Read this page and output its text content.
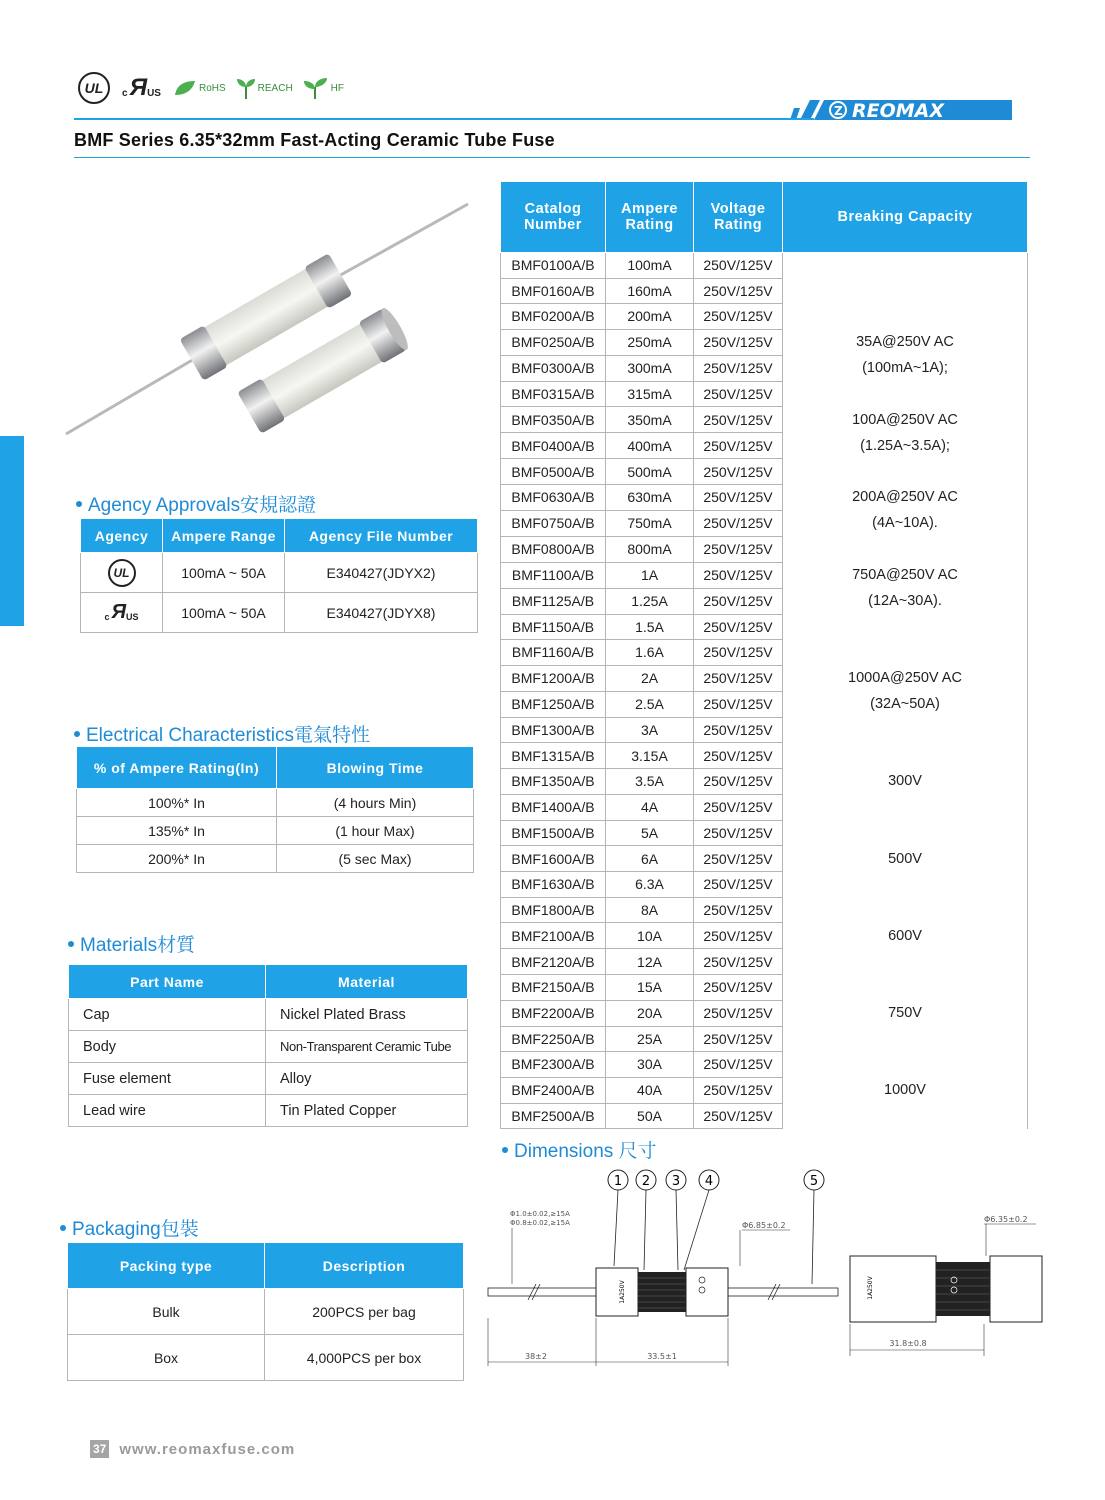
UL	c Я US	RoHS	REACH	HF
Z REOMAX
BMF Series 6.35*32mm Fast-Acting Ceramic Tube Fuse
Agency Approvals安規認證
Agency	Ampere Range	Agency File Number
UL	100mA ~ 50A	E340427(JDYX2)

c Я US	100mA ~ 50A	E340427(JDYX8)
Electrical Characteristics電氣特性
% of Ampere Rating(In)	Blowing Time
100%* In	(4 hours Min)
135%* In	(1 hour Max)
200%* In	(5 sec Max)
Materials材質
Part Name	Material
Cap	Nickel Plated Brass
Body	Non-Transparent Ceramic Tube
Fuse element	Alloy
Lead wire	Tin Plated Copper
Packaging包裝
Packing type	Description
Bulk	200PCS per bag
Box	4,000PCS per box
Catalog Number	Ampere Rating	Voltage Rating	Breaking Capacity
BMF0100A/B	100mA	250V/125V	
BMF0160A/B	160mA	250V/125V	
BMF0200A/B	200mA	250V/125V	
BMF0250A/B	250mA	250V/125V	35A@250V AC
BMF0300A/B	300mA	250V/125V	(100mA~1A);
BMF0315A/B	315mA	250V/125V	
BMF0350A/B	350mA	250V/125V	100A@250V AC
BMF0400A/B	400mA	250V/125V	(1.25A~3.5A);
BMF0500A/B	500mA	250V/125V	
BMF0630A/B	630mA	250V/125V	200A@250V AC
BMF0750A/B	750mA	250V/125V	(4A~10A).
BMF0800A/B	800mA	250V/125V	
BMF1100A/B	1A	250V/125V	750A@250V AC
BMF1125A/B	1.25A	250V/125V	(12A~30A).
BMF1150A/B	1.5A	250V/125V	
BMF1160A/B	1.6A	250V/125V	
BMF1200A/B	2A	250V/125V	1000A@250V AC
BMF1250A/B	2.5A	250V/125V	(32A~50A)
BMF1300A/B	3A	250V/125V	
BMF1315A/B	3.15A	250V/125V	
BMF1350A/B	3.5A	250V/125V	300V
BMF1400A/B	4A	250V/125V	
BMF1500A/B	5A	250V/125V	
BMF1600A/B	6A	250V/125V	500V
BMF1630A/B	6.3A	250V/125V	
BMF1800A/B	8A	250V/125V	
BMF2100A/B	10A	250V/125V	600V
BMF2120A/B	12A	250V/125V	
BMF2150A/B	15A	250V/125V	
BMF2200A/B	20A	250V/125V	750V
BMF2250A/B	25A	250V/125V	
BMF2300A/B	30A	250V/125V	
BMF2400A/B	40A	250V/125V	1000V
BMF2500A/B	50A	250V/125V	
Dimensions 尺寸
1 2 3 4	5
Φ1.0±0.02,≥15A
Φ0.8±0.02,≥15A	Φ6.85±0.2
1A250V
38±2	33.5±1
1A250V
Φ6.35±0.2
31.8±0.8
37 www.reomaxfuse.com
